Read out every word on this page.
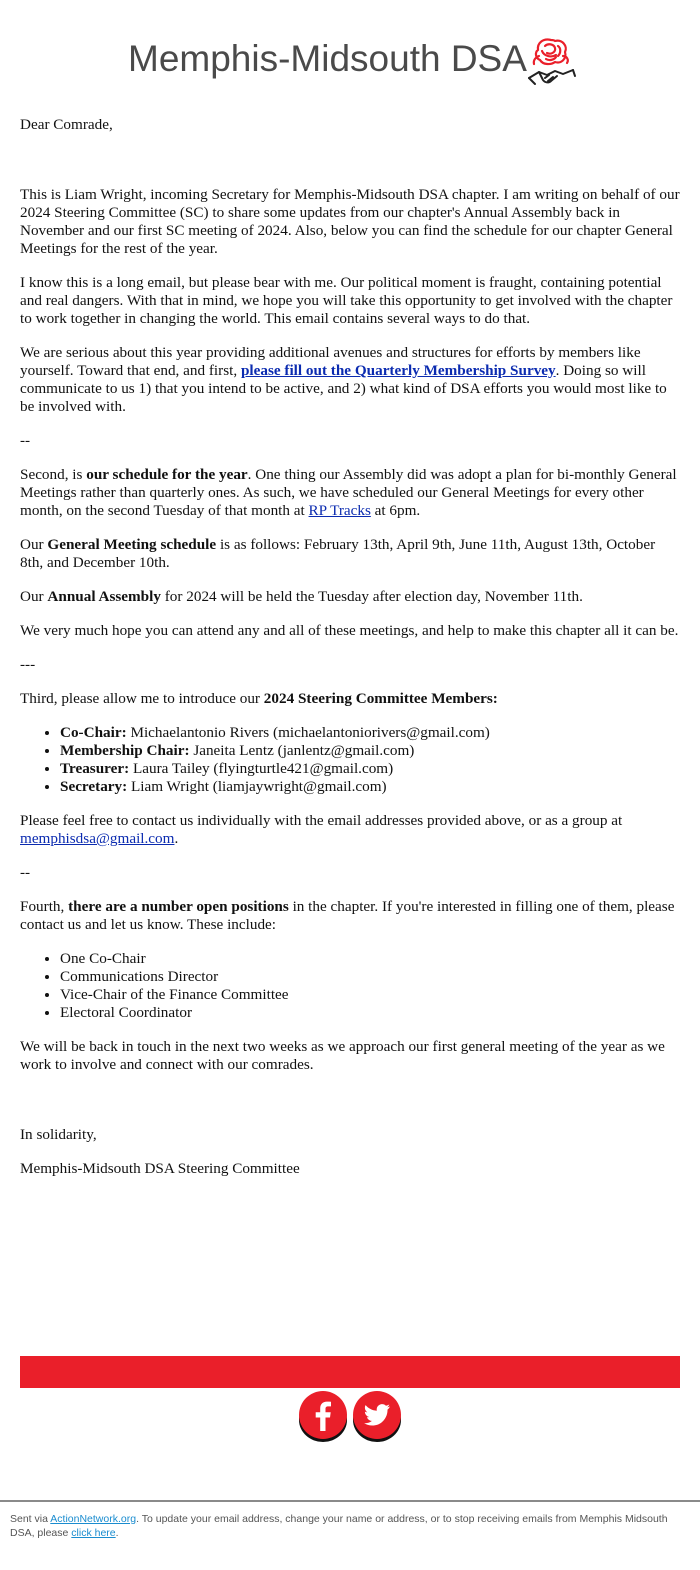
Memphis-Midsouth DSA

Dear Comrade,

This is Liam Wright, incoming Secretary for Memphis-Midsouth DSA chapter. I am writing on behalf of our 2024 Steering Committee (SC) to share some updates from our chapter's Annual Assembly back in November and our first SC meeting of 2024. Also, below you can find the schedule for our chapter General Meetings for the rest of the year.

I know this is a long email, but please bear with me. Our political moment is fraught, containing potential and real dangers. With that in mind, we hope you will take this opportunity to get involved with the chapter to work together in changing the world. This email contains several ways to do that.

We are serious about this year providing additional avenues and structures for efforts by members like yourself. Toward that end, and first, please fill out the Quarterly Membership Survey. Doing so will communicate to us 1) that you intend to be active, and 2) what kind of DSA efforts you would most like to be involved with.

--

Second, is our schedule for the year. One thing our Assembly did was adopt a plan for bi-monthly General Meetings rather than quarterly ones. As such, we have scheduled our General Meetings for every other month, on the second Tuesday of that month at RP Tracks at 6pm.

Our General Meeting schedule is as follows: February 13th, April 9th, June 11th, August 13th, October 8th, and December 10th.

Our Annual Assembly for 2024 will be held the Tuesday after election day, November 11th.

We very much hope you can attend any and all of these meetings, and help to make this chapter all it can be.

---

Third, please allow me to introduce our 2024 Steering Committee Members:

• Co-Chair: Michaelantonio Rivers (michaelantoniorivers@gmail.com)
• Membership Chair: Janeita Lentz (janlentz@gmail.com)
• Treasurer: Laura Tailey (flyingturtle421@gmail.com)
• Secretary: Liam Wright (liamjaywright@gmail.com)

Please feel free to contact us individually with the email addresses provided above, or as a group at memphisdsa@gmail.com.

--

Fourth, there are a number open positions in the chapter. If you're interested in filling one of them, please contact us and let us know. These include:

• One Co-Chair
• Communications Director
• Vice-Chair of the Finance Committee
• Electoral Coordinator

We will be back in touch in the next two weeks as we approach our first general meeting of the year as we work to involve and connect with our comrades.

In solidarity,

Memphis-Midsouth DSA Steering Committee

Sent via ActionNetwork.org. To update your email address, change your name or address, or to stop receiving emails from Memphis Midsouth DSA, please click here.
